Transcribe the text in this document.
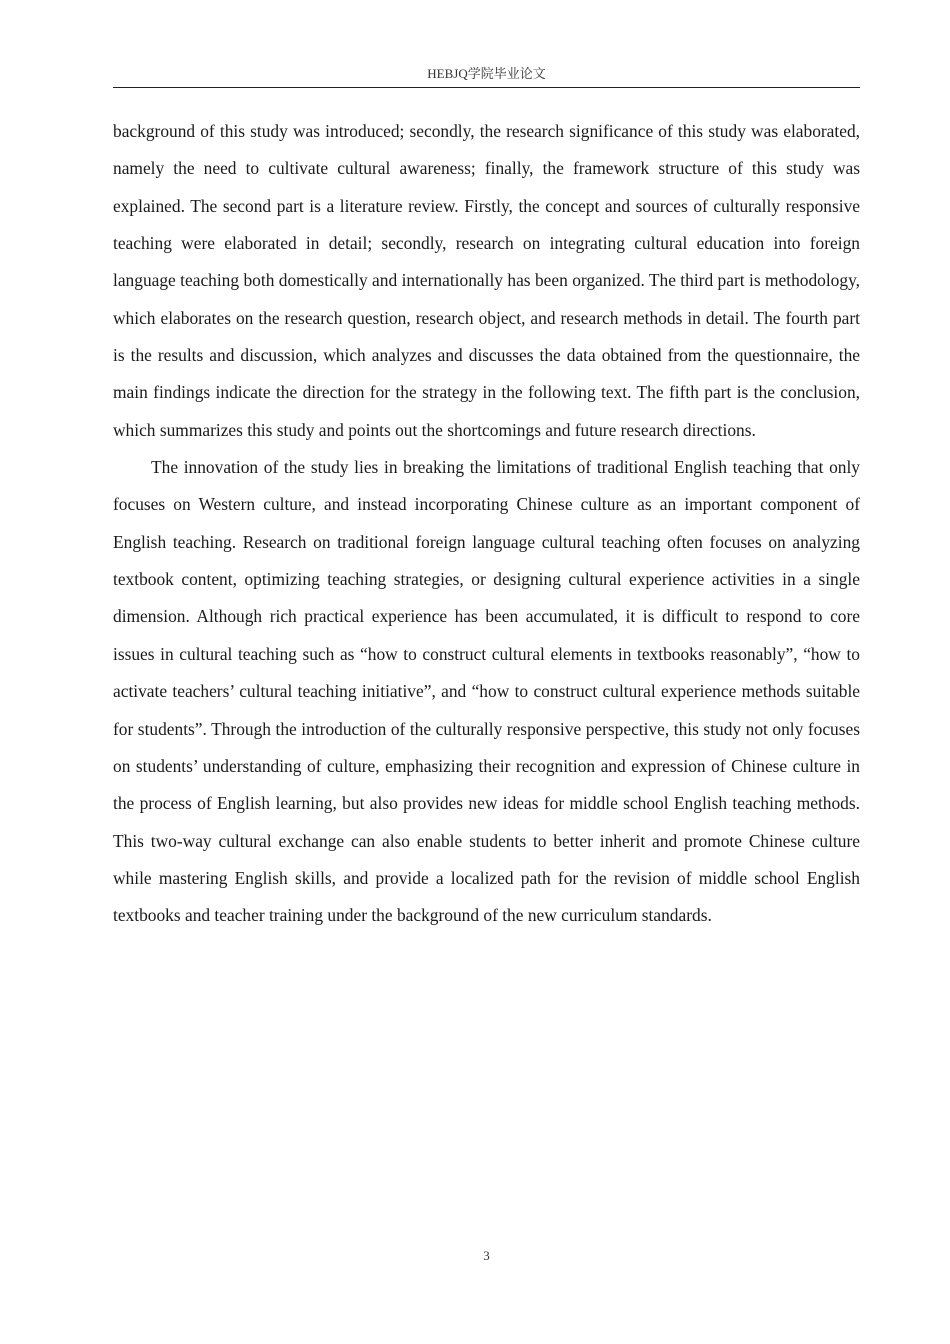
HEBJQ学院毕业论文

background of this study was introduced; secondly, the research significance of this study was elaborated, namely the need to cultivate cultural awareness; finally, the framework structure of this study was explained. The second part is a literature review. Firstly, the concept and sources of culturally responsive teaching were elaborated in detail; secondly, research on integrating cultural education into foreign language teaching both domestically and internationally has been organized. The third part is methodology, which elaborates on the research question, research object, and research methods in detail. The fourth part is the results and discussion, which analyzes and discusses the data obtained from the questionnaire, the main findings indicate the direction for the strategy in the following text. The fifth part is the conclusion, which summarizes this study and points out the shortcomings and future research directions.

The innovation of the study lies in breaking the limitations of traditional English teaching that only focuses on Western culture, and instead incorporating Chinese culture as an important component of English teaching. Research on traditional foreign language cultural teaching often focuses on analyzing textbook content, optimizing teaching strategies, or designing cultural experience activities in a single dimension. Although rich practical experience has been accumulated, it is difficult to respond to core issues in cultural teaching such as “how to construct cultural elements in textbooks reasonably”, “how to activate teachers’ cultural teaching initiative”, and “how to construct cultural experience methods suitable for students”. Through the introduction of the culturally responsive perspective, this study not only focuses on students’ understanding of culture, emphasizing their recognition and expression of Chinese culture in the process of English learning, but also provides new ideas for middle school English teaching methods. This two-way cultural exchange can also enable students to better inherit and promote Chinese culture while mastering English skills, and provide a localized path for the revision of middle school English textbooks and teacher training under the background of the new curriculum standards.

3
